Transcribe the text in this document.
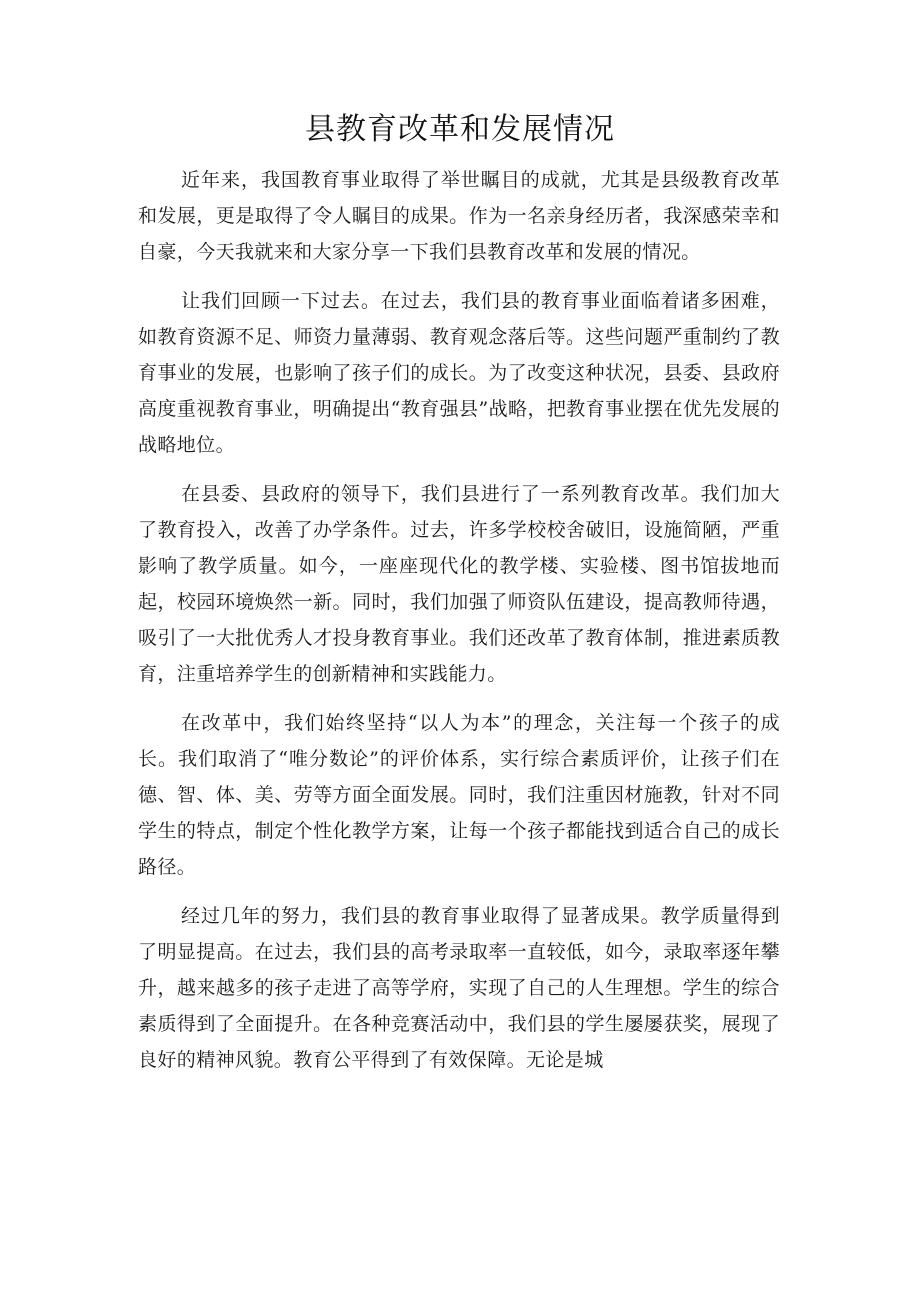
县教育改革和发展情况

近年来，我国教育事业取得了举世瞩目的成就，尤其是县级教育改革和发展，更是取得了令人瞩目的成果。作为一名亲身经历者，我深感荣幸和自豪，今天我就来和大家分享一下我们县教育改革和发展的情况。

让我们回顾一下过去。在过去，我们县的教育事业面临着诸多困难，如教育资源不足、师资力量薄弱、教育观念落后等。这些问题严重制约了教育事业的发展，也影响了孩子们的成长。为了改变这种状况，县委、县政府高度重视教育事业，明确提出“教育强县”战略，把教育事业摆在优先发展的战略地位。

在县委、县政府的领导下，我们县进行了一系列教育改革。我们加大了教育投入，改善了办学条件。过去，许多学校校舍破旧，设施简陋，严重影响了教学质量。如今，一座座现代化的教学楼、实验楼、图书馆拔地而起，校园环境焕然一新。同时，我们加强了师资队伍建设，提高教师待遇，吸引了一大批优秀人才投身教育事业。我们还改革了教育体制，推进素质教育，注重培养学生的创新精神和实践能力。

在改革中，我们始终坚持“以人为本”的理念，关注每一个孩子的成长。我们取消了“唯分数论”的评价体系，实行综合素质评价，让孩子们在德、智、体、美、劳等方面全面发展。同时，我们注重因材施教，针对不同学生的特点，制定个性化教学方案，让每一个孩子都能找到适合自己的成长路径。

经过几年的努力，我们县的教育事业取得了显著成果。教学质量得到了明显提高。在过去，我们县的高考录取率一直较低，如今，录取率逐年攀升，越来越多的孩子走进了高等学府，实现了自己的人生理想。学生的综合素质得到了全面提升。在各种竞赛活动中，我们县的学生屡屡获奖，展现了良好的精神风貌。教育公平得到了有效保障。无论是城
